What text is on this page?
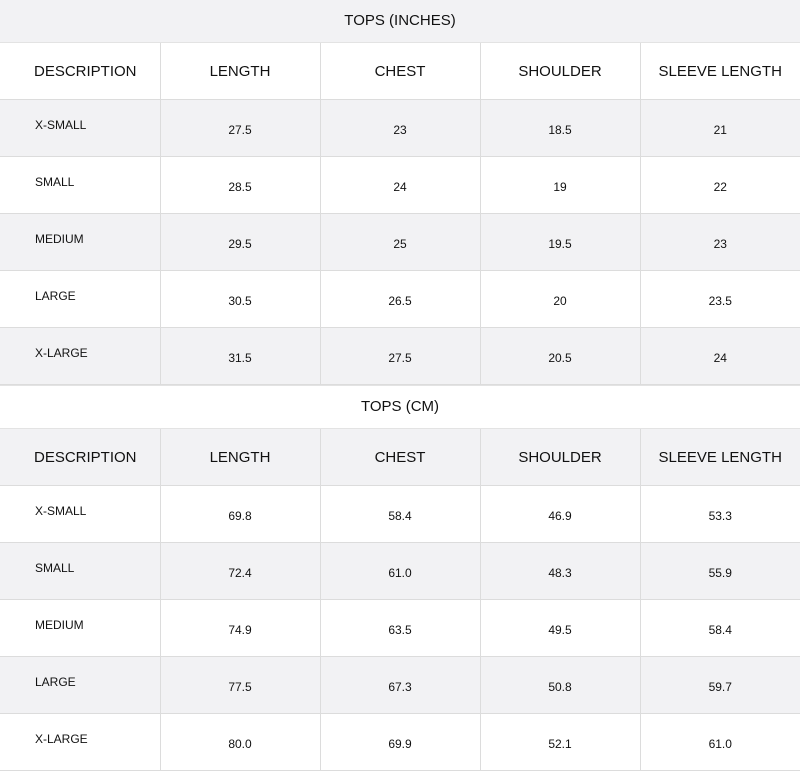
TOPS (INCHES)
DESCRIPTION	LENGTH	CHEST	SHOULDER	SLEEVE LENGTH
X-SMALL	27.5	23	18.5	21
SMALL	28.5	24	19	22
MEDIUM	29.5	25	19.5	23
LARGE	30.5	26.5	20	23.5
X-LARGE	31.5	27.5	20.5	24
TOPS (CM)
DESCRIPTION	LENGTH	CHEST	SHOULDER	SLEEVE LENGTH
X-SMALL	69.8	58.4	46.9	53.3
SMALL	72.4	61.0	48.3	55.9
MEDIUM	74.9	63.5	49.5	58.4
LARGE	77.5	67.3	50.8	59.7
X-LARGE	80.0	69.9	52.1	61.0
